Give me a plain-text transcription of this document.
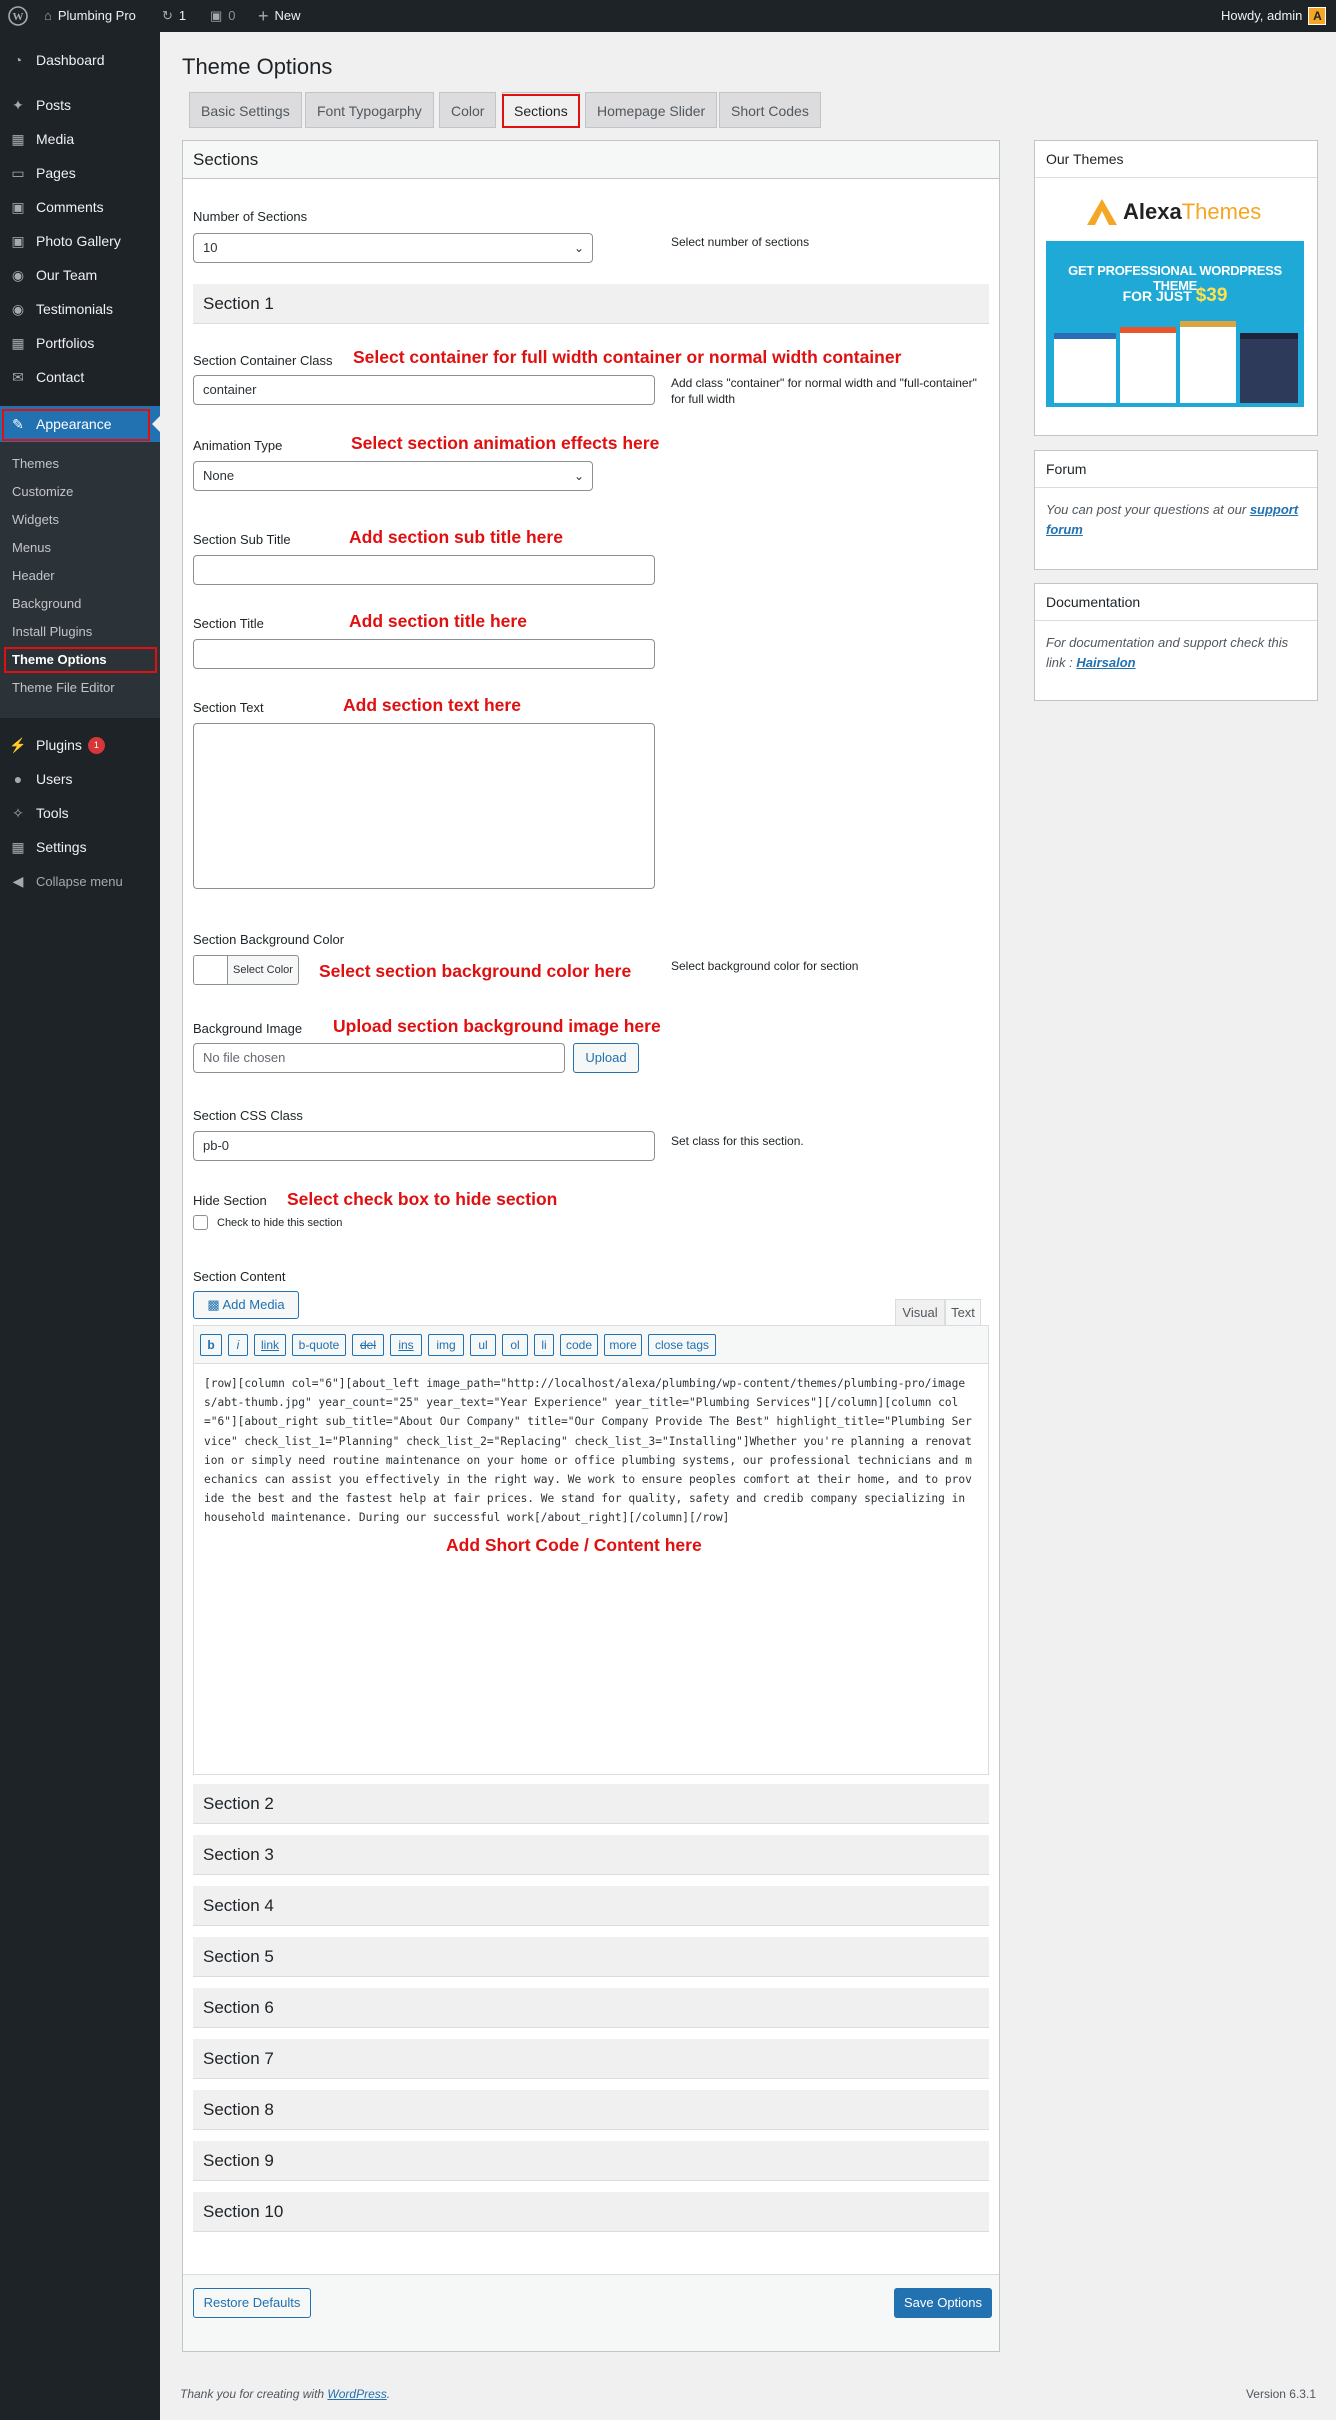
W ⌂ Plumbing Pro ↻ 1 ▣ 0 + New	Howdy, admin A
◔ Dashboard
✦ Posts
▦ Media
▭ Pages
▣ Comments
▣ Photo Gallery
◉ Our Team
◉ Testimonials
▦ Portfolios
✉ Contact
✎ Appearance
Themes
Customize
Widgets
Menus
Header
Background
Install Plugins
Theme Options
Theme File Editor
⚡ Plugins	1
● Users
✧ Tools
▦ Settings
◀ Collapse menu
Theme Options
Basic Settings	Font Typogarphy	Color	Sections	Homepage Slider	Short Codes
Sections
Number of Sections
10	⌄	Select number of sections
Section 1
Section Container Class Select container for full width container or normal width container
container	Add class "container" for normal width and "full-container" for full width
Animation Type	Select section animation effects here
None	⌄
Section Sub Title	Add section sub title here
Section Title	Add section title here
Section Text	Add section text here
Section Background Color
Select Color Select section background color here	Select background color for section
Background Image Upload section background image here
No file chosen	Upload
Section CSS Class
pb-0	Set class for this section.
Hide Section Select check box to hide section
Check to hide this section
Section Content
▩ Add Media
Visual	Text
b	i	link	b-quote	del	ins	img	ul	ol	li	code	more	close tags
[row][column col="6"][about_left image_path="http://localhost/alexa/plumbing/wp-content/themes/plumbing-pro/images/abt-thumb.jpg" year_count="25" year_text="Year Experience" year_title="Plumbing Services"][/column][column col="6"][about_right sub_title="About Our Company" title="Our Company Provide The Best" highlight_title="Plumbing Service" check_list_1="Planning" check_list_2="Replacing" check_list_3="Installing"]Whether you're planning a renovation or simply need routine maintenance on your home or office plumbing systems, our professional technicians and mechanics can assist you effectively in the right way. We work to ensure peoples comfort at their home, and to provide the best and the fastest help at fair prices. We stand for quality, safety and credib company specializing in household maintenance. During our successful work[/about_right][/column][/row]
Add Short Code / Content here
Section 2
Section 3
Section 4
Section 5
Section 6
Section 7
Section 8
Section 9
Section 10
Restore Defaults	Save Options
Our Themes
AlexaThemes
GET PROFESSIONAL WORDPRESS THEME
FOR JUST $39
Forum

You can post your questions at our support forum

Documentation

For documentation and support check this link : Hairsalon

Thank you for creating with WordPress.	Version 6.3.1
